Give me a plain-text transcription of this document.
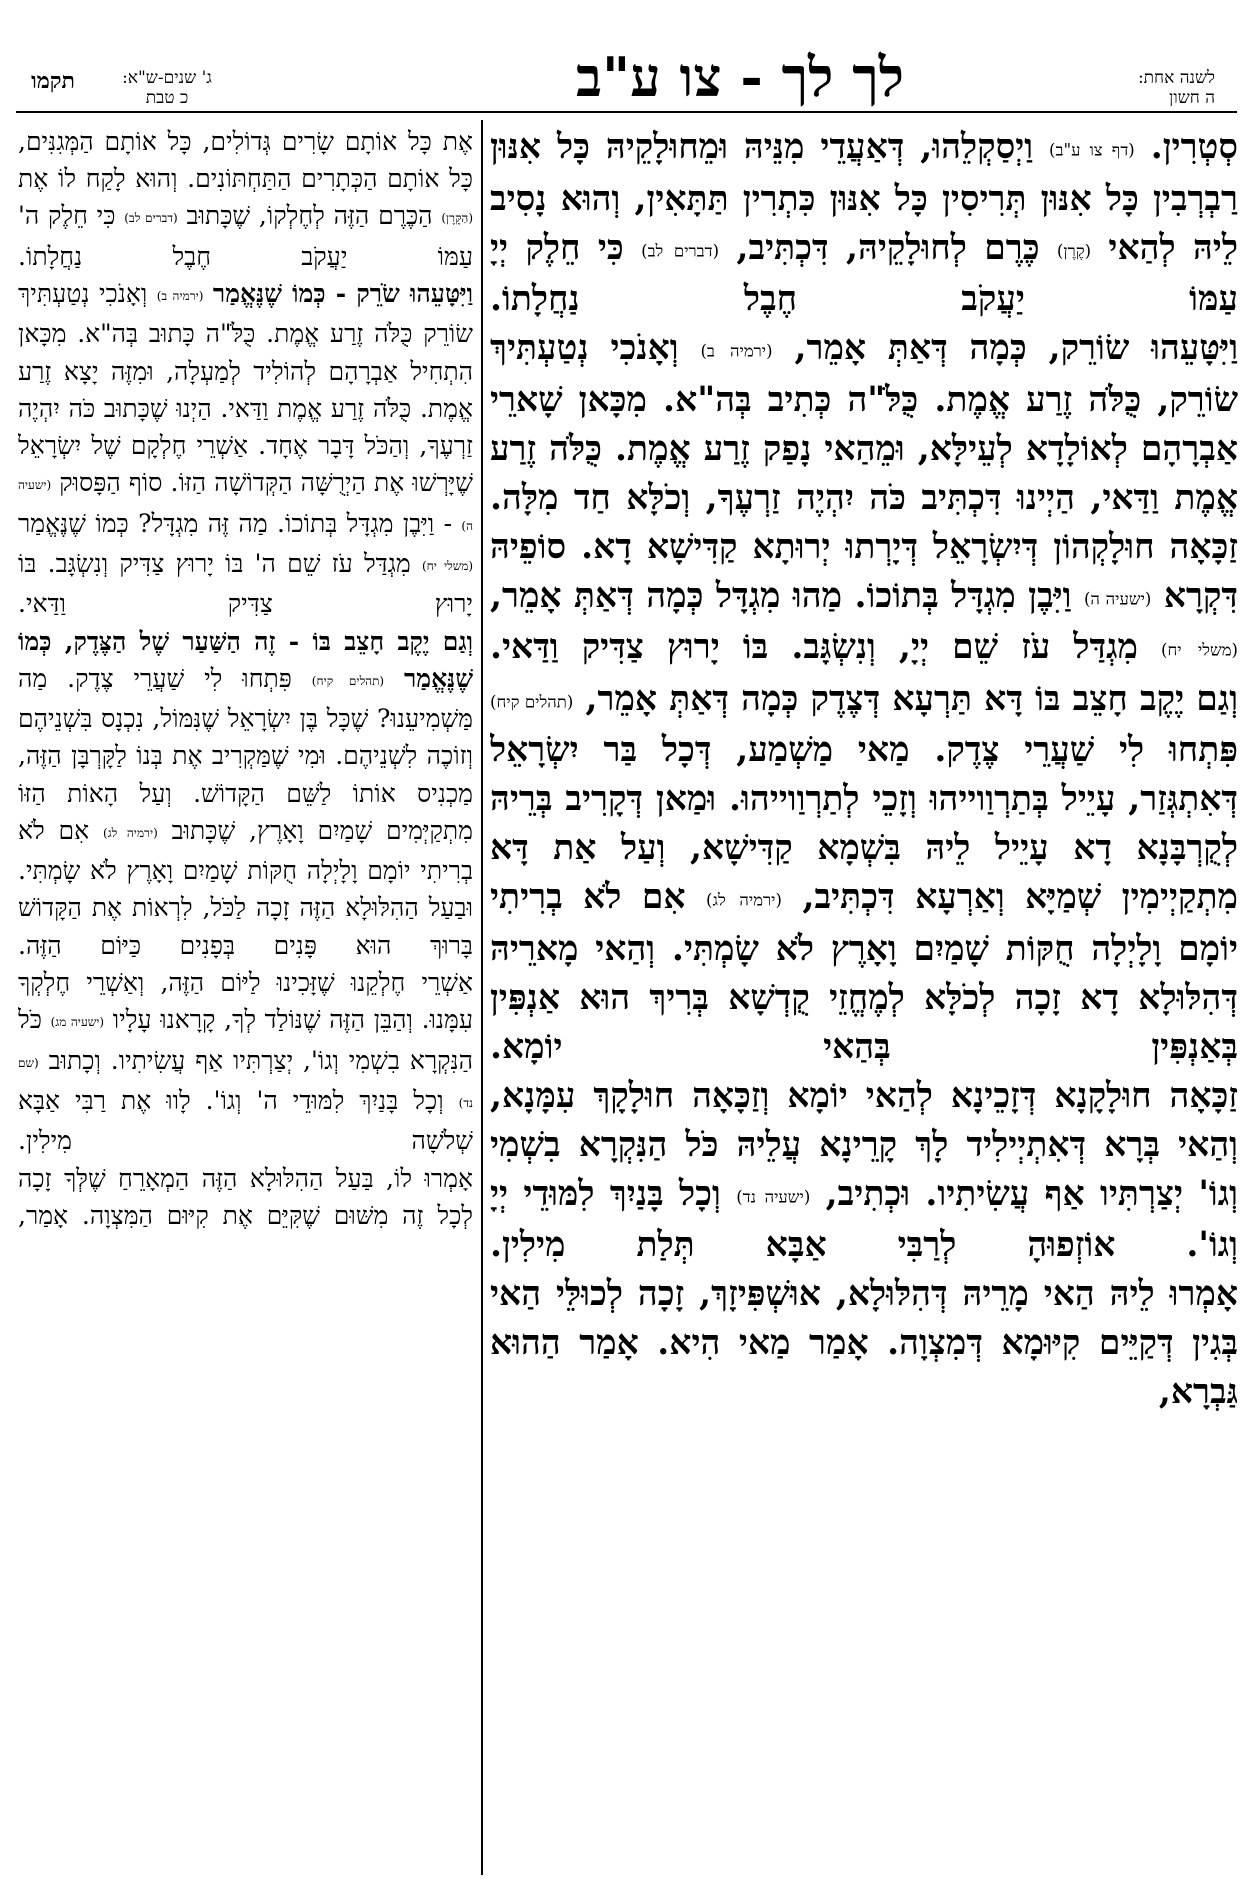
לשנה אחת:
ה חשון
לך לך - צו ע"ב
ג' שנים-ש"א:
כ טבת
תקמו

סְטְרִין. (דף צו ע"ב) וַיְסַקְלֵהוּ, דְּאַעֲדֵי מִנֵּיהּ וּמֵחוּלָקֵיהּ כָּל אִנּוּן רַבְרְבִין כָּל אִנּוּן תְּרִיסִין כָּל אִנּוּן כִּתְרִין תַּתָּאִין, וְהוּא נָסִיב לֵיהּ לְהַאי (קֶרֶן) כֶּרֶם לְחוּלָקֵיהּ, דִּכְתִּיב, (דברים לב) כִּי חֵלֶק יְיָ עַמּוֹ יַעֲקֹב חֶבֶל נַחֲלָתוֹ.

וַיִּטָּעֵהוּ שׂוֹרֵק, כְּמָה דְּאַתְּ אָמֵר, (ירמיה ב) וְאָנֹכִי נְטַעְתִּיךְ שׂוֹרֵק, כֻּלֹּה זֶרַע אֱמֶת. כֻּלֹּ"ה כְּתִיב בְּה"א. מִכָּאן שָׁארֵי אַבְרָהָם לְאוֹלָדָא לְעֵילָּא, וּמֵהַאי נָפַק זֶרַע אֱמֶת. כֻּלֹּה זֶרַע אֱמֶת וַדַּאי, הַיְינוּ דִּכְתִּיב כֹּה יִהְיֶה זַרְעֶךָ, וְכֹלָּא חַד מִלָּה. זַכָּאָה חוּלָקְהוֹן דְּיִשְׂרָאֵל דְּיָרְתוּ יְרוּתָא קַדִּישָׁא דָא. סוֹפֵיהּ דִּקְרָא (ישעיה ה) וַיִּבֶן מִגְדָּל בְּתוֹכוֹ. מַהוּ מִגְדָּל כְּמָה דְּאַתְּ אָמֵר, (משלי יח) מִגְדַּל עֹז שֵׁם יְיָ, וְנִשְׂגָּב. בּוֹ יָרוּץ צַדִּיק וַדַּאי.

וְגַם יֶקֶב חָצֵב בּוֹ דָּא תַּרְעָא דְּצֶדֶק כְּמָה דְּאַתְּ אָמֵר, (תהלים קיח) פִּתְחוּ לִי שַׁעֲרֵי צֶדֶק. מַאי מַשְׁמַע, דְּכָל בַּר יִשְׂרָאֵל דְּאִתְגְּזַר, עָיֵיל בְּתַרְוַוייהוּ וְזָכֵי לְתַרְוַוייהוּ. וּמַאן דְּקָרִיב בְּרֵיהּ לְקֻרְבָּנָא דָא עָיֵיל לֵיהּ בִּשְׁמָא קַדִּישָׁא, וְעַל אַת דָּא מִתְקַיְימִין שְׁמַיָּא וְאַרְעָא דִּכְתִּיב, (ירמיה לג) אִם לֹא בְרִיתִי יוֹמָם וָלָיְלָה חֻקּוֹת שָׁמַיִם וָאָרֶץ לֹא שָׂמְתִּי. וְהַאי מָארֵיהּ דְּהִלּוּלָא דָא זָכָה לְכֹלָּא לְמֶחֱזֵי קֻדְשָׁא בְּרִיךְ הוּא אַנְפִּין בְּאַנְפִּין בְּהַאי יוֹמָא.

זַכָּאָה חוּלָקָנָא דְּזָכֵינָא לְהַאי יוֹמָא וְזַכָּאָה חוּלָקָךְ עִמָּנָא, וְהַאי בְּרָא דְּאִתְיְילִיד לָךְ קָרֵינָא עֲלֵיהּ כֹּל הַנִּקְרָא בִשְׁמִי וְגוֹ' יְצַרְתִּיו אַף עֲשִׂיתִיו. וּכְתִיב, (ישעיה נד) וְכָל בָּנַיִךְ לִמּוּדֵי יְיָ וְגוֹ'. אוֹזְפוּהָ לְרַבִּי אַבָּא תְּלַת מִילִין.

אָמְרוּ לֵיהּ הַאי מָרֵיהּ דְּהִלּוּלָא, אוּשְׁפִּיזָךְ, זָכָה לְכוּלֵּי הַאי בְּגִין דְּקַיֵּים קִיּוּמָא דְּמִצְוָה. אָמַר מַאי הִיא. אָמַר הַהוּא גַּבְרָא,

אֶת כָּל אוֹתָם שָׂרִים גְּדוֹלִים, כָּל אוֹתָם הַמְּגִנִּים, כָּל אוֹתָם הַכְּתָרִים הַתַּחְתּוֹנִים. וְהוּא לָקַח לוֹ אֶת (הַקֶּרֶן) הַכֶּרֶם הַזֶּה לְחֶלְקוֹ, שֶׁכָּתוּב (דברים לב) כִּי חֵלֶק ה' עַמּוֹ יַעֲקֹב חֶבֶל נַחֲלָתוֹ.

וַיִּטָּעֵהוּ שֹׂרֵק - כְּמוֹ שֶׁנֶּאֱמַר (ירמיה ב) וְאָנֹכִי נְטַעְתִּיךְ שׂוֹרֵק כֻּלֹּה זֶרַע אֱמֶת. כֻּלֹּ"ה כָּתוּב בְּה"א. מִכָּאן הִתְחִיל אַבְרָהָם לְהוֹלִיד לְמַעְלָה, וּמִזֶּה יָצָא זֶרַע אֱמֶת. כֻּלֹּה זֶרַע אֱמֶת וַדַּאי. הַיְנוּ שֶׁכָּתוּב כֹּה יִהְיֶה זַרְעֶךָ, וְהַכֹּל דָּבָר אֶחָד. אַשְׁרֵי חֶלְקָם שֶׁל יִשְׂרָאֵל שֶׁיָּרְשׁוּ אֶת הַיְרֻשָּׁה הַקְּדוֹשָׁה הַזּוֹ. סוֹף הַפָּסוּק (ישעיה ה) - וַיִּבֶן מִגְדָּל בְּתוֹכוֹ. מַה זֶּה מִגְדָּל? כְּמוֹ שֶׁנֶּאֱמַר (משלי יח) מִגְדַּל עֹז שֵׁם ה' בּוֹ יָרוּץ צַדִּיק וְנִשְׂגָּב. בּוֹ יָרוּץ צַדִּיק וַדַּאי.

וְגַם יֶקֶב חָצֵב בּוֹ - זֶה הַשַּׁעַר שֶׁל הַצֶּדֶק, כְּמוֹ שֶׁנֶּאֱמַר (תהלים קיח) פִּתְחוּ לִי שַׁעֲרֵי צֶדֶק. מַה מַּשְׁמִיעֵנוּ? שֶׁכָּל בֶּן יִשְׂרָאֵל שֶׁנִּמּוֹל, נִכְנָס בִּשְׁנֵיהֶם וְזוֹכֶה לִשְׁנֵיהֶם. וּמִי שֶׁמַּקְרִיב אֶת בְּנוֹ לַקָּרְבָּן הַזֶּה, מַכְנִיס אוֹתוֹ לַשֵּׁם הַקָּדוֹשׁ. וְעַל הָאוֹת הַזּוֹ מִתְקַיְּמִים שָׁמַיִם וָאָרֶץ, שֶׁכָּתוּב (ירמיה לג) אִם לֹא בְרִיתִי יוֹמָם וָלָיְלָה חֻקּוֹת שָׁמַיִם וָאָרֶץ לֹא שָׂמְתִּי. וּבַעַל הַהִלּוּלָא הַזֶּה זָכָה לַכֹּל, לִרְאוֹת אֶת הַקָּדוֹשׁ בָּרוּךְ הוּא פָּנִים בְּפָנִים כַּיּוֹם הַזֶּה.

אַשְׁרֵי חֶלְקֵנוּ שֶׁזָּכִינוּ לַיּוֹם הַזֶּה, וְאַשְׁרֵי חֶלְקְךָ עִמָּנוּ. וְהַבֵּן הַזֶּה שֶׁנּוֹלַד לְךָ, קָרָאנוּ עָלָיו (ישעיה מג) כֹּל הַנִּקְרָא בִשְׁמִי וְגוֹ', יְצַרְתִּיו אַף עֲשִׂיתִיו. וְכָתוּב (שם נד) וְכָל בָּנַיִךְ לִמּוּדֵי ה' וְגוֹ'. לָווּ אֶת רַבִּי אַבָּא שְׁלֹשָׁה מִילִין.

אָמְרוּ לוֹ, בַּעַל הַהִלּוּלָא הַזֶּה הַמְאָרֵחַ שֶׁלְּךָ זָכָה לְכָל זֶה מִשּׁוּם שֶׁקִּיֵּם אֶת קִיּוּם הַמִּצְוָה. אָמַר,
